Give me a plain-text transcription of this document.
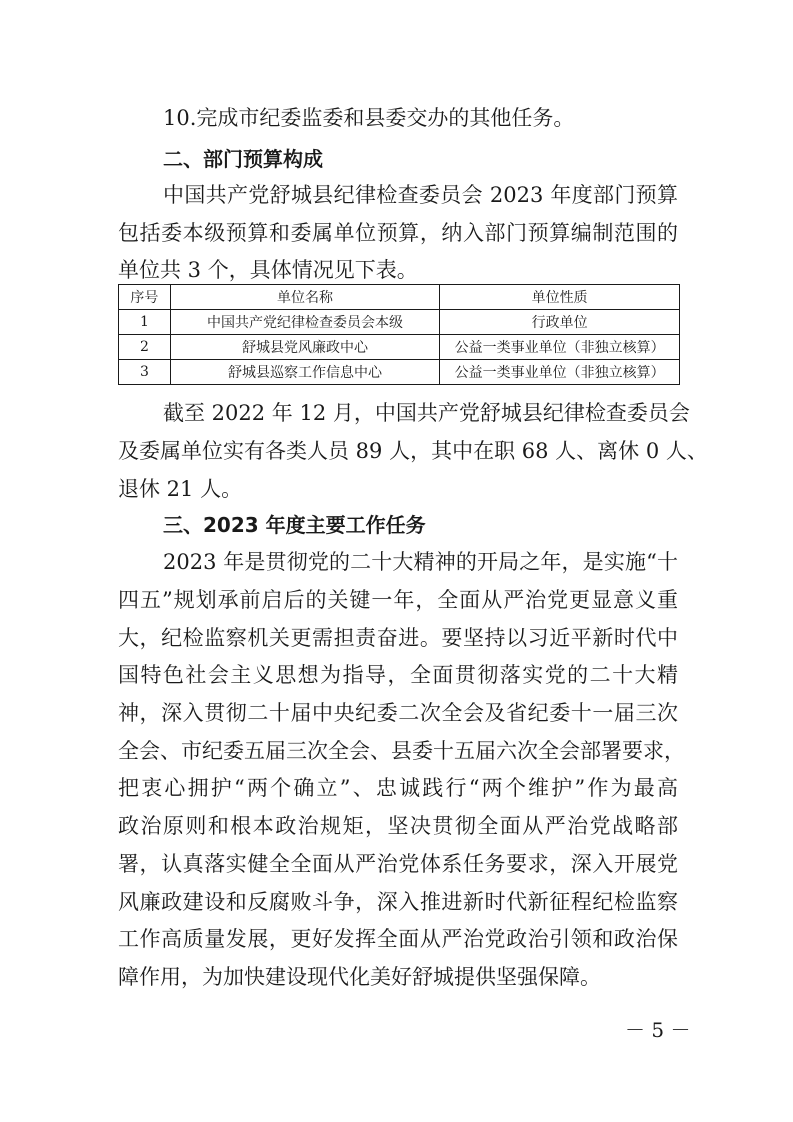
10.完成市纪委监委和县委交办的其他任务。
二、部门预算构成
中国共产党舒城县纪律检查委员会 2023 年度部门预算
包括委本级预算和委属单位预算，纳入部门预算编制范围的
单位共 3 个，具体情况见下表。
序号	单位名称	单位性质
1	中国共产党纪律检查委员会本级	行政单位
2	舒城县党风廉政中心	公益一类事业单位（非独立核算）
3	舒城县巡察工作信息中心	公益一类事业单位（非独立核算）
截至 2022 年 12 月，中国共产党舒城县纪律检查委员会
及委属单位实有各类人员 89 人，其中在职 68 人、离休 0 人、
退休 21 人。
三、2023 年度主要工作任务
2023 年是贯彻党的二十大精神的开局之年，是实施“十
四五”规划承前启后的关键一年，全面从严治党更显意义重
大，纪检监察机关更需担责奋进。要坚持以习近平新时代中
国特色社会主义思想为指导，全面贯彻落实党的二十大精
神，深入贯彻二十届中央纪委二次全会及省纪委十一届三次
全会、市纪委五届三次全会、县委十五届六次全会部署要求，
把衷心拥护“两个确立”、忠诚践行“两个维护”作为最高
政治原则和根本政治规矩，坚决贯彻全面从严治党战略部
署，认真落实健全全面从严治党体系任务要求，深入开展党
风廉政建设和反腐败斗争，深入推进新时代新征程纪检监察
工作高质量发展，更好发挥全面从严治党政治引领和政治保
障作用，为加快建设现代化美好舒城提供坚强保障。
－ 5 －
